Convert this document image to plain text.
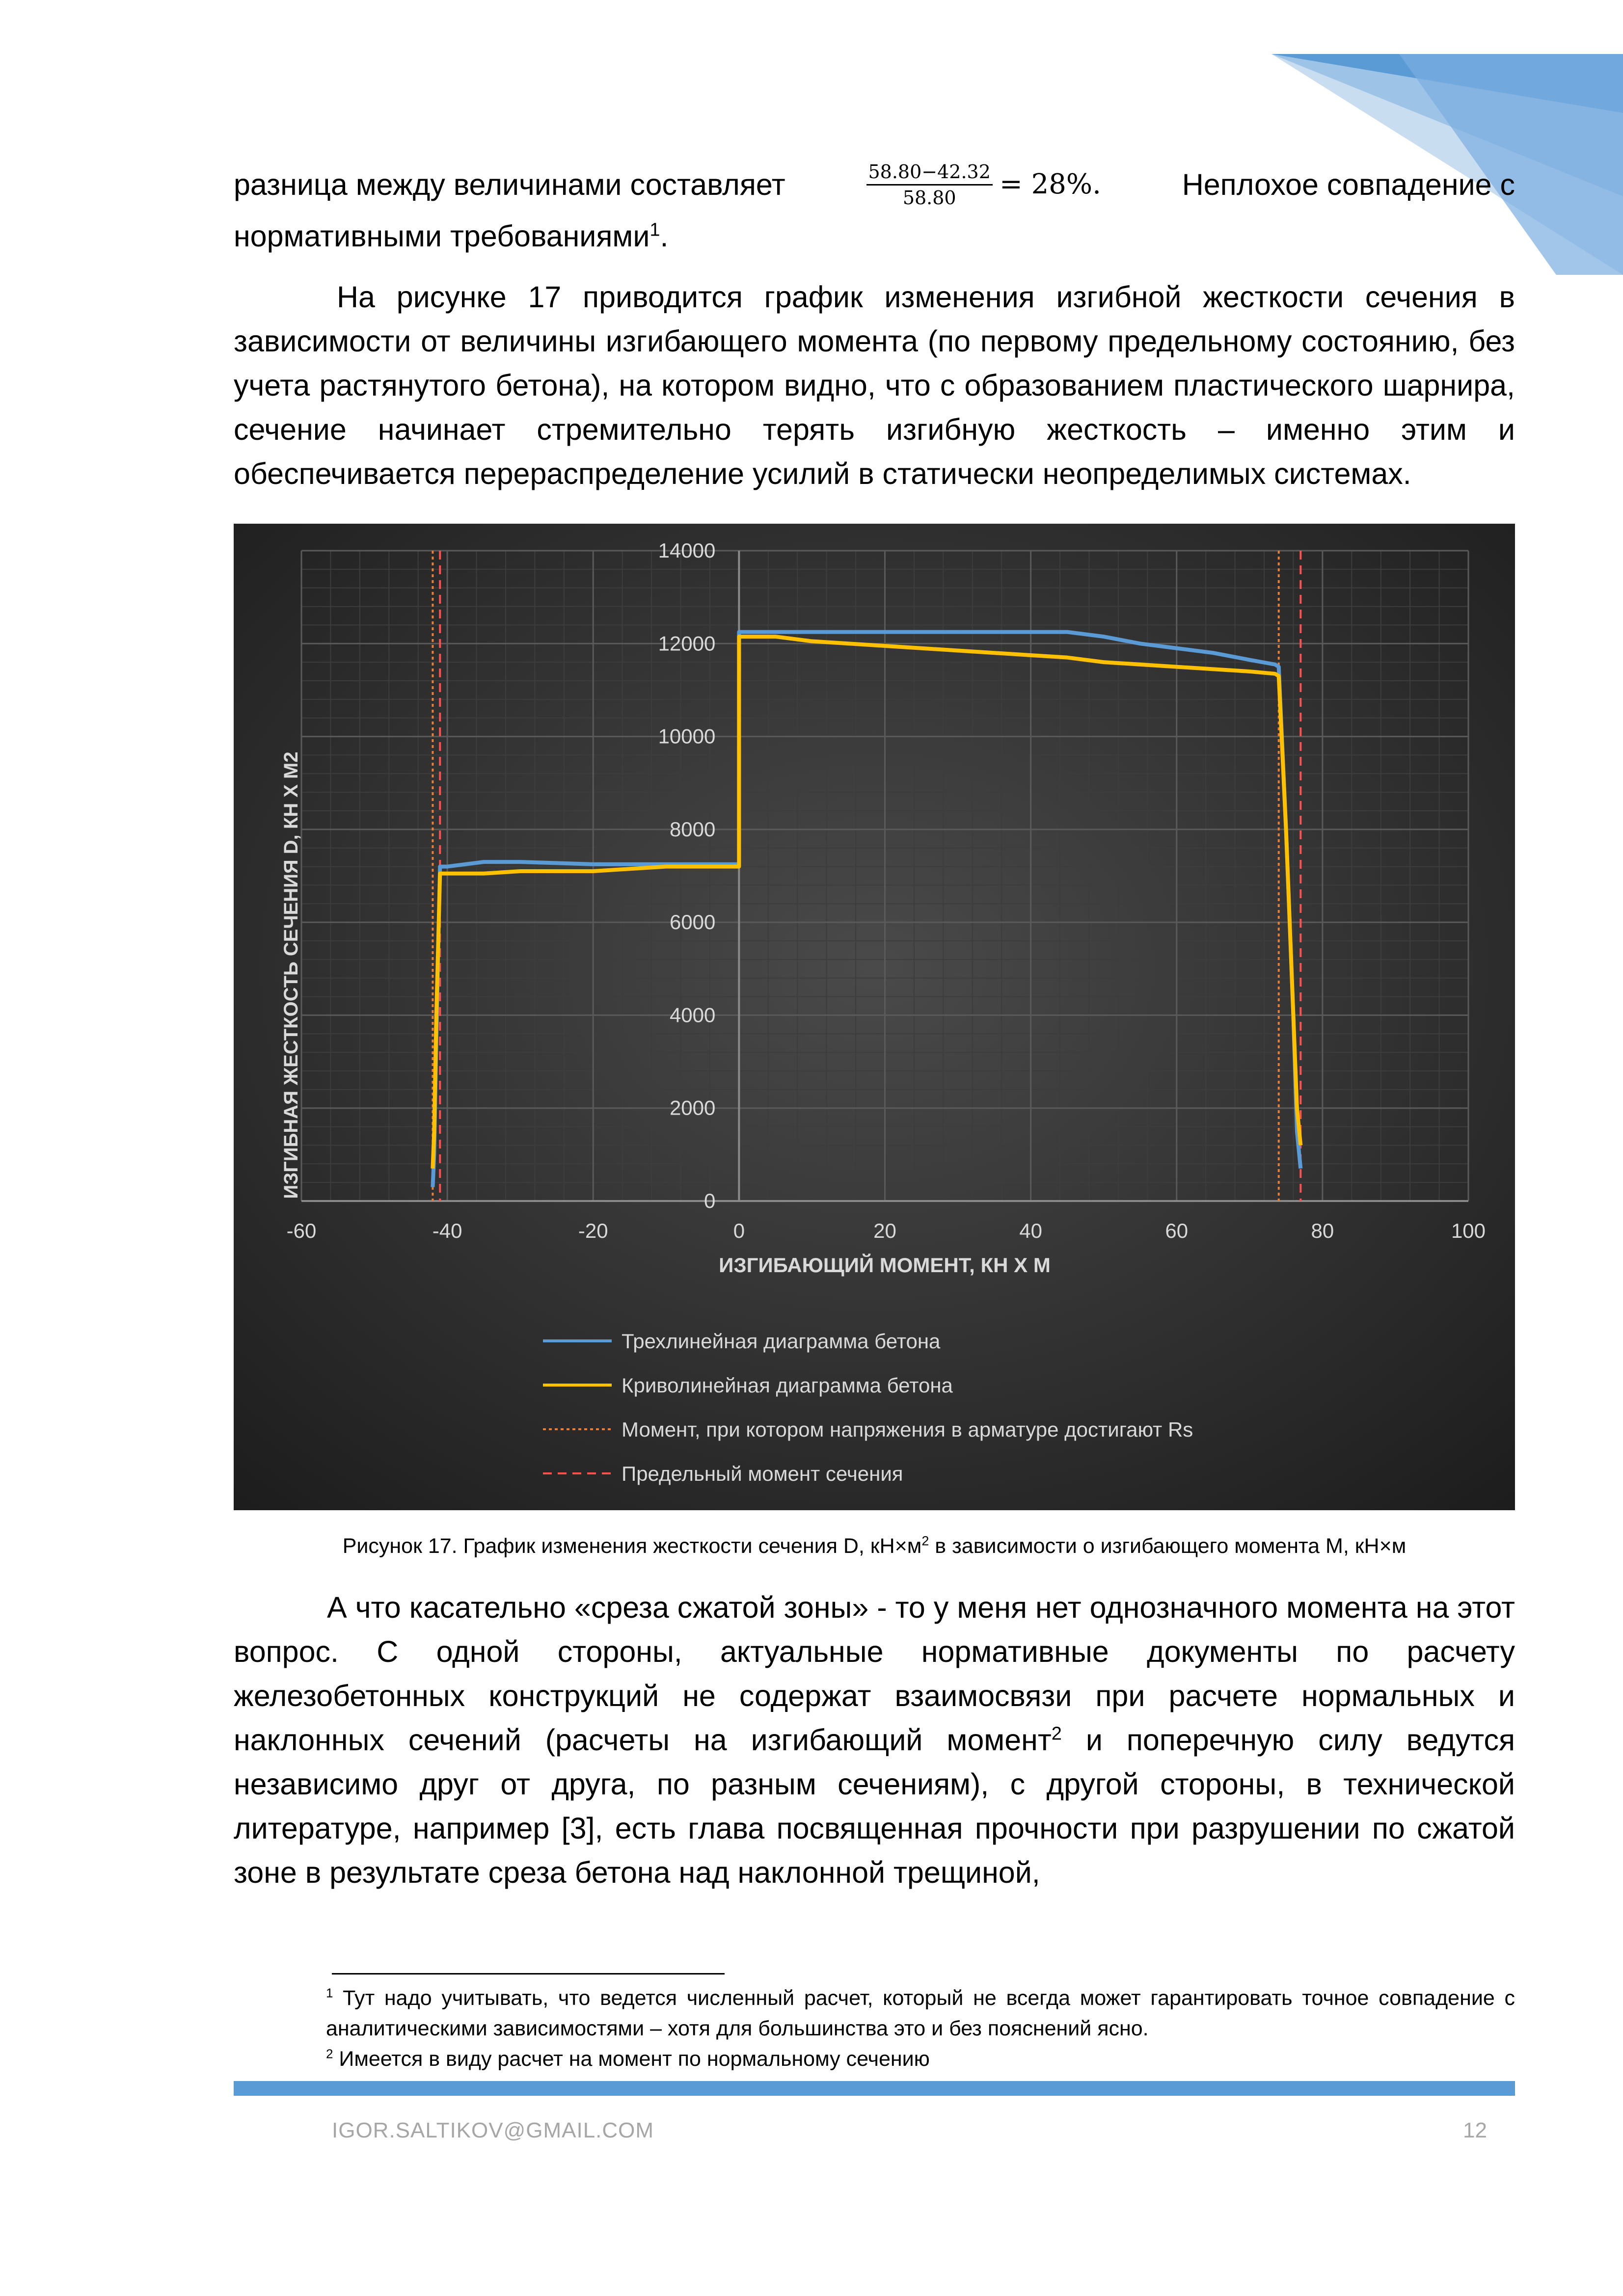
разница между величинами составляет	$\frac{58.80-42.32}{58.80} = 28\%$.	Неплохое совпадение с
нормативными требованиями$^1$.

На рисунке 17 приводится график изменения изгибной жесткости сечения в зависимости от величины изгибающего момента (по первому предельному состоянию, без учета растянутого бетона), на котором видно, что с образованием пластического шарнира, сечение начинает стремительно терять изгибную жесткость – именно этим и обеспечивается перераспределение усилий в статически неопределимых системах.

-60	-40	-20	0	20	40	60	80	100
0
2000
4000
6000
8000
10000
12000
14000
ИЗГИБАЮЩИЙ МОМЕНТ, КН Х М
ИЗГИБНАЯ ЖЕСТКОСТЬ СЕЧЕНИЯ D, КН Х М2
Трехлинейная диаграмма бетона
Криволинейная диаграмма бетона
Момент, при котором напряжения в арматуре достигают Rs
Предельный момент сечения
Рисунок 17. График изменения жесткости сечения D, $кН\times м^2$ в зависимости о изгибающего момента М, кН×м

А что касательно «среза сжатой зоны» - то у меня нет однозначного момента на этот вопрос. С одной стороны, актуальные нормативные документы по расчету железобетонных конструкций не содержат взаимосвязи при расчете нормальных и наклонных сечений (расчеты на изгибающий момент$^2$ и поперечную силу ведутся независимо друг от друга, по разным сечениям), с другой стороны, в технической литературе, например [3], есть глава посвященная прочности при разрушении по сжатой зоне в результате среза бетона над наклонной трещиной,

$^1$ Тут надо учитывать, что ведется численный расчет, который не всегда может гарантировать точное совпадение с аналитическими зависимостями – хотя для большинства это и без пояснений ясно.

$^2$ Имеется в виду расчет на момент по нормальному сечению

IGOR.SALTIKOV@GMAIL.COM	12
